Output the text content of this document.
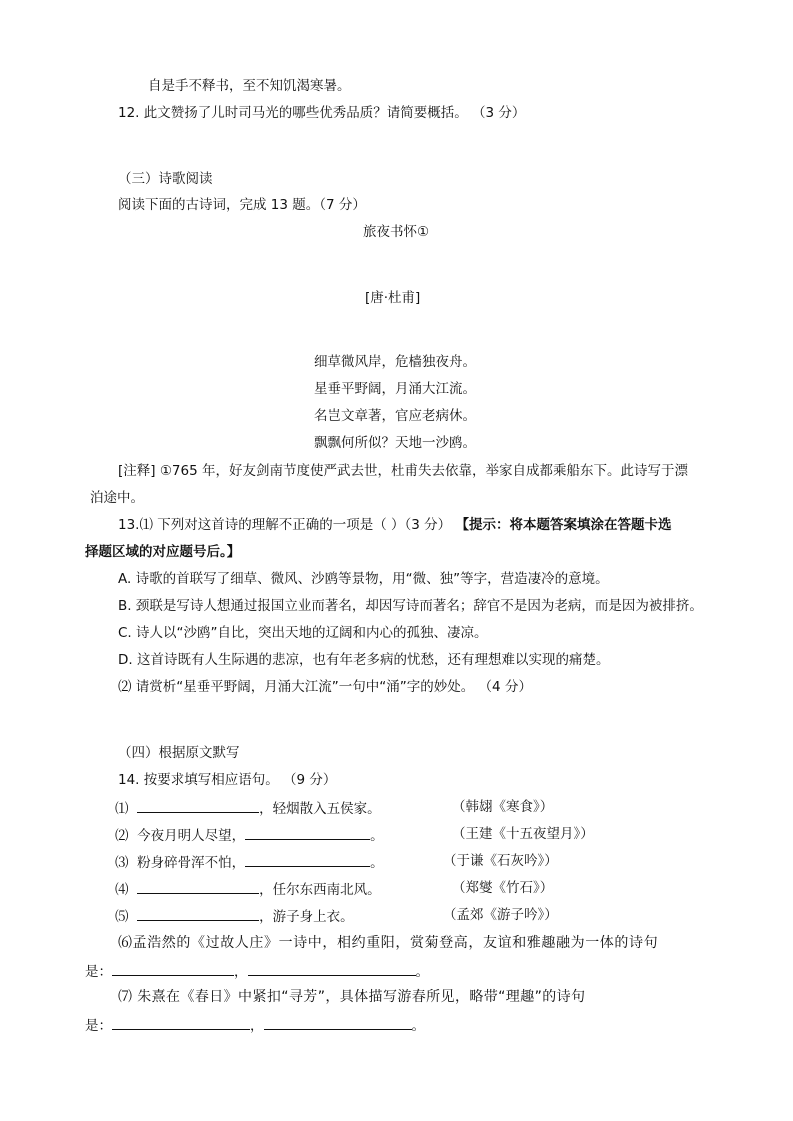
自是手不释书，至不知饥渴寒暑。
12. 此文赞扬了儿时司马光的哪些优秀品质？请简要概括。 （3 分）
（三）诗歌阅读
阅读下面的古诗词，完成 13 题。（7 分）
旅夜书怀①
[唐·杜甫]
细草微风岸，危樯独夜舟。
星垂平野阔，月涌大江流。
名岂文章著，官应老病休。
飘飘何所似？天地一沙鸥。
[注释] ①765 年，好友剑南节度使严武去世，杜甫失去依靠，举家自成都乘船东下。此诗写于漂
泊途中。
13.⑴ 下列对这首诗的理解不正确的一项是（ ）（3 分） 【提示：将本题答案填涂在答题卡选
择题区域的对应题号后。】
A. 诗歌的首联写了细草、微风、沙鸥等景物，用“微、独”等字，营造凄冷的意境。
B. 颈联是写诗人想通过报国立业而著名，却因写诗而著名；辞官不是因为老病，而是因为被排挤。
C. 诗人以“沙鸥”自比，突出天地的辽阔和内心的孤独、凄凉。
D. 这首诗既有人生际遇的悲凉，也有年老多病的忧愁，还有理想难以实现的痛楚。
⑵ 请赏析“星垂平野阔，月涌大江流”一句中“涌”字的妙处。 （4 分）
（四）根据原文默写
14. 按要求填写相应语句。 （9 分）
⑴	，轻烟散入五侯家。	（韩翃《寒食》）
⑵ 今夜月明人尽望，	。	（王建《十五夜望月》）
⑶ 粉身碎骨浑不怕，	。	（于谦《石灰吟》）
⑷	，任尔东西南北风。	（郑燮《竹石》）
⑸	，游子身上衣。	（孟郊《游子吟》）
⑹孟浩然的《过故人庄》一诗中，相约重阳，赏菊登高，友谊和雅趣融为一体的诗句
是：	，	。
⑺ 朱熹在《春日》中紧扣“寻芳”，具体描写游春所见，略带“理趣”的诗句
是：	，	。
